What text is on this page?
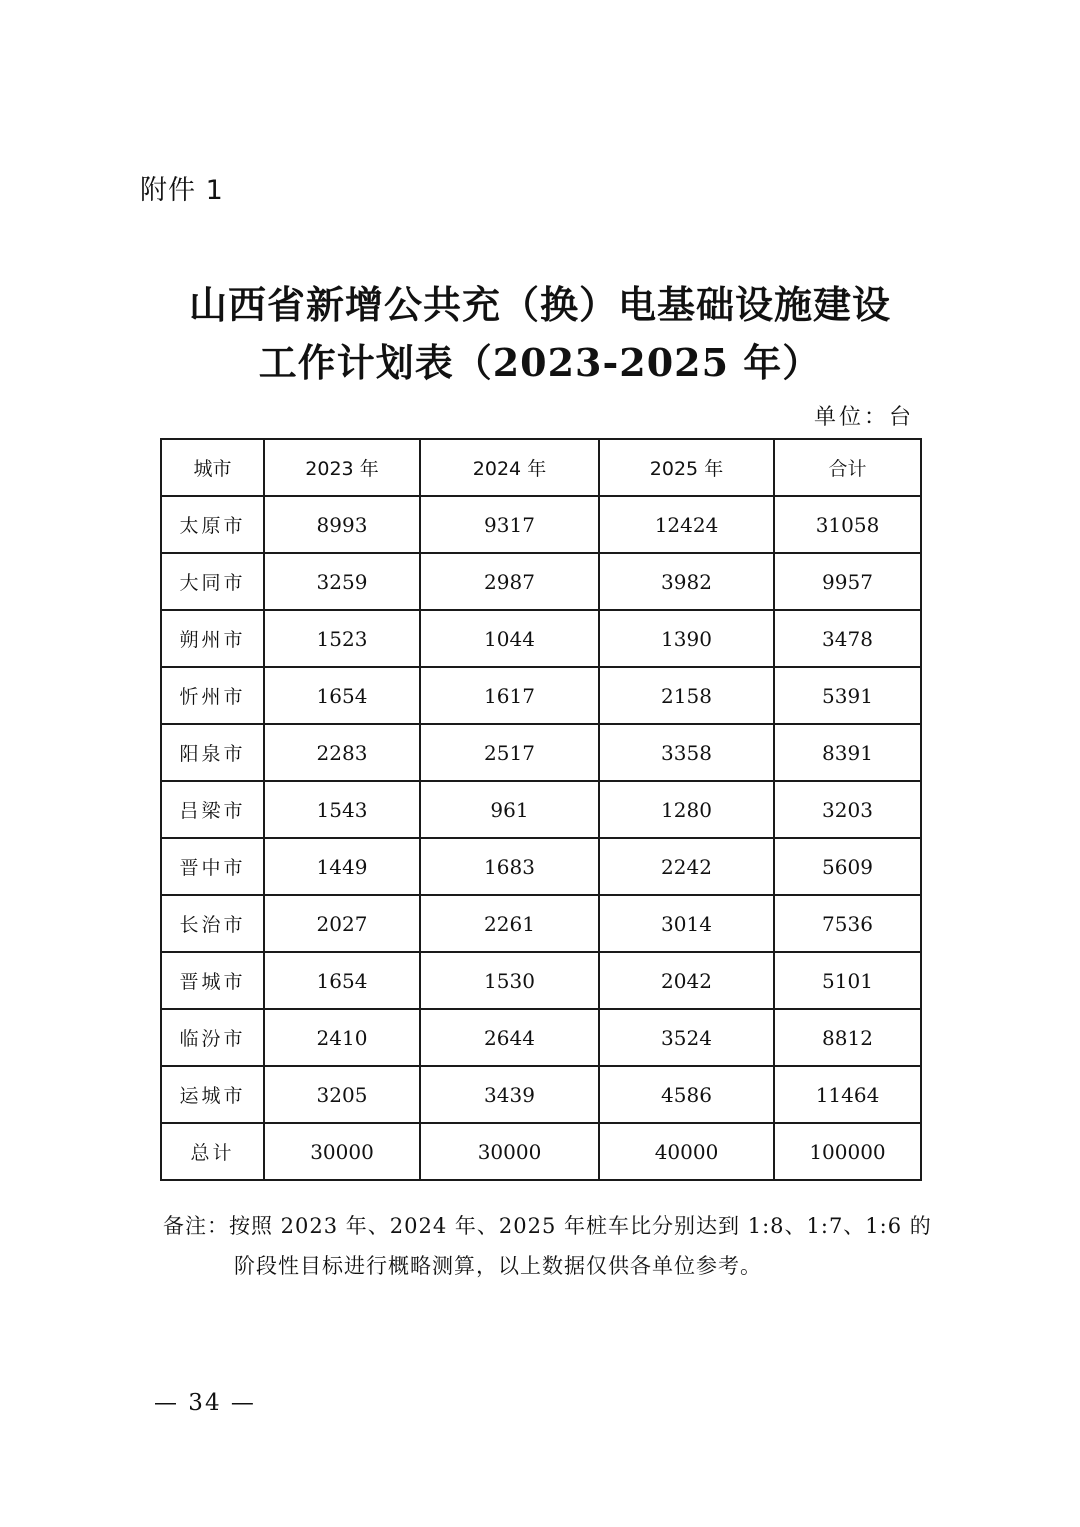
附件 1
山西省新增公共充（换）电基础设施建设
工作计划表（2023-2025 年）
单位：台
城市	2023 年	2024 年	2025 年	合计
太原市	8993	9317	12424	31058
大同市	3259	2987	3982	9957
朔州市	1523	1044	1390	3478
忻州市	1654	1617	2158	5391
阳泉市	2283	2517	3358	8391
吕梁市	1543	961	1280	3203
晋中市	1449	1683	2242	5609
长治市	2027	2261	3014	7536
晋城市	1654	1530	2042	5101
临汾市	2410	2644	3524	8812
运城市	3205	3439	4586	11464
总计	30000	30000	40000	100000
备注：按照 2023 年、2024 年、2025 年桩车比分别达到 1:8、1:7、1:6 的
阶段性目标进行概略测算，以上数据仅供各单位参考。
— 34 —
